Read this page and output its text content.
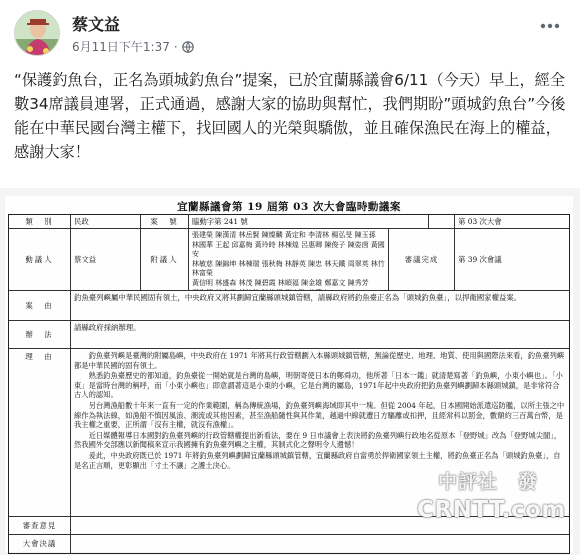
蔡文益
6月11日下午1:37 ·
“保護釣魚台，正名為頭城釣魚台”提案，已於宜蘭縣議會6/11（今天）早上，經全數34席議員連署，正式通過，感謝大家的協助與幫忙，我們期盼”頭城釣魚台”今後能在中華民國台灣主權下，找回國人的光榮與驕傲，並且確保漁民在海上的權益，感謝大家！
宜蘭縣議會第 19 屆第 03 次大會臨時動議案
類　別	民政	案　號	臨動字第 241 號	第 03 次大會
動議人	蔡文益	附議人
張建榮 陳漢清 林岳賢 陳燦麟 黃定和 李清林 楊弘旻 陳玉孫
林國華 王起 邱嘉梅 黃玲時 林棟煌 呂惠卿 陳俊子 陳姿茵 黃國安
林敏慈 陳錦坤 林棟瑞 張秋梅 林靜英 陳忠 林天鐵 周翠英 林竹 林富榮
黃信明 林盛森 林茂 陳碧霞 林順福 陳金雄 鄭嘉文 陳秀芳
審議完成	第 39 次會議
案　由
釣魚臺列嶼屬中華民國固有領土，中央政府又將其劃歸宜蘭縣頭城鎮管轄，請縣政府將釣魚臺正名為「頭城釣魚臺」，以捍衛國家權益案。
辦　法
請縣政府採納辦理。
理　由	釣魚臺列嶼是臺灣的附屬島嶼，中央政府在 1971 年將其行政管轄劃入本縣頭城鎮管轄，無論從歷史、地理、地質、使用與國際法來看，釣魚臺列嶼都是中華民國的固有領土。
熟悉釣魚臺歷史的都知道，釣魚臺從一開始就是台灣的島嶼，明朝寄使日本的鄭舜功，他所著「日本一鑑」就清楚寫著「釣魚嶼，小東小嶼也」。「小東」是當時台灣的稱呼，而「小東小嶼也」即意謂著這是小東的小嶼，它是台灣的屬島，1971年起中央政府把釣魚臺列嶼劃歸本縣頭城鎮，是非常符合古人的認知。
另台灣漁船數十年來一直有一定的作業範圍，稱為傳統漁場，釣魚臺列嶼海域即其中一塊。但從 2004 年起，日本國開始派遣巡防艦，以所主張之中線作為執法線，如漁船不慎因風浪、潮流或其他因素，甚至漁船隨性與其作業，越過中線就遭日方驅離或扣押，且經常科以罰金，數額約三百萬台幣，是我主權之重要，正所謂「沒有主權，就沒有漁權」。
近日媒體報導日本國對釣魚臺列嶼的行政管轄權提出新看法，要在 9 日市議會上表決將釣魚臺列嶼行政地名從原本「登野城」改為「登野城尖閣」，然我國外交部應以新聞稿來宣示我國擁有釣魚臺列嶼之主權，其制式化之聲明令人遺憾！
爰此，中央政府既已於 1971 年將釣魚臺列嶼劃歸宜蘭縣頭城鎮管轄，宜蘭縣政府自當勇於捍衛國家領土主權，將釣魚臺正名為「頭城釣魚臺」，自是名正言順，更彰顯出「寸土不讓」之護土決心。
審查意見
大會決議
中評社　發
CRNTT.com
